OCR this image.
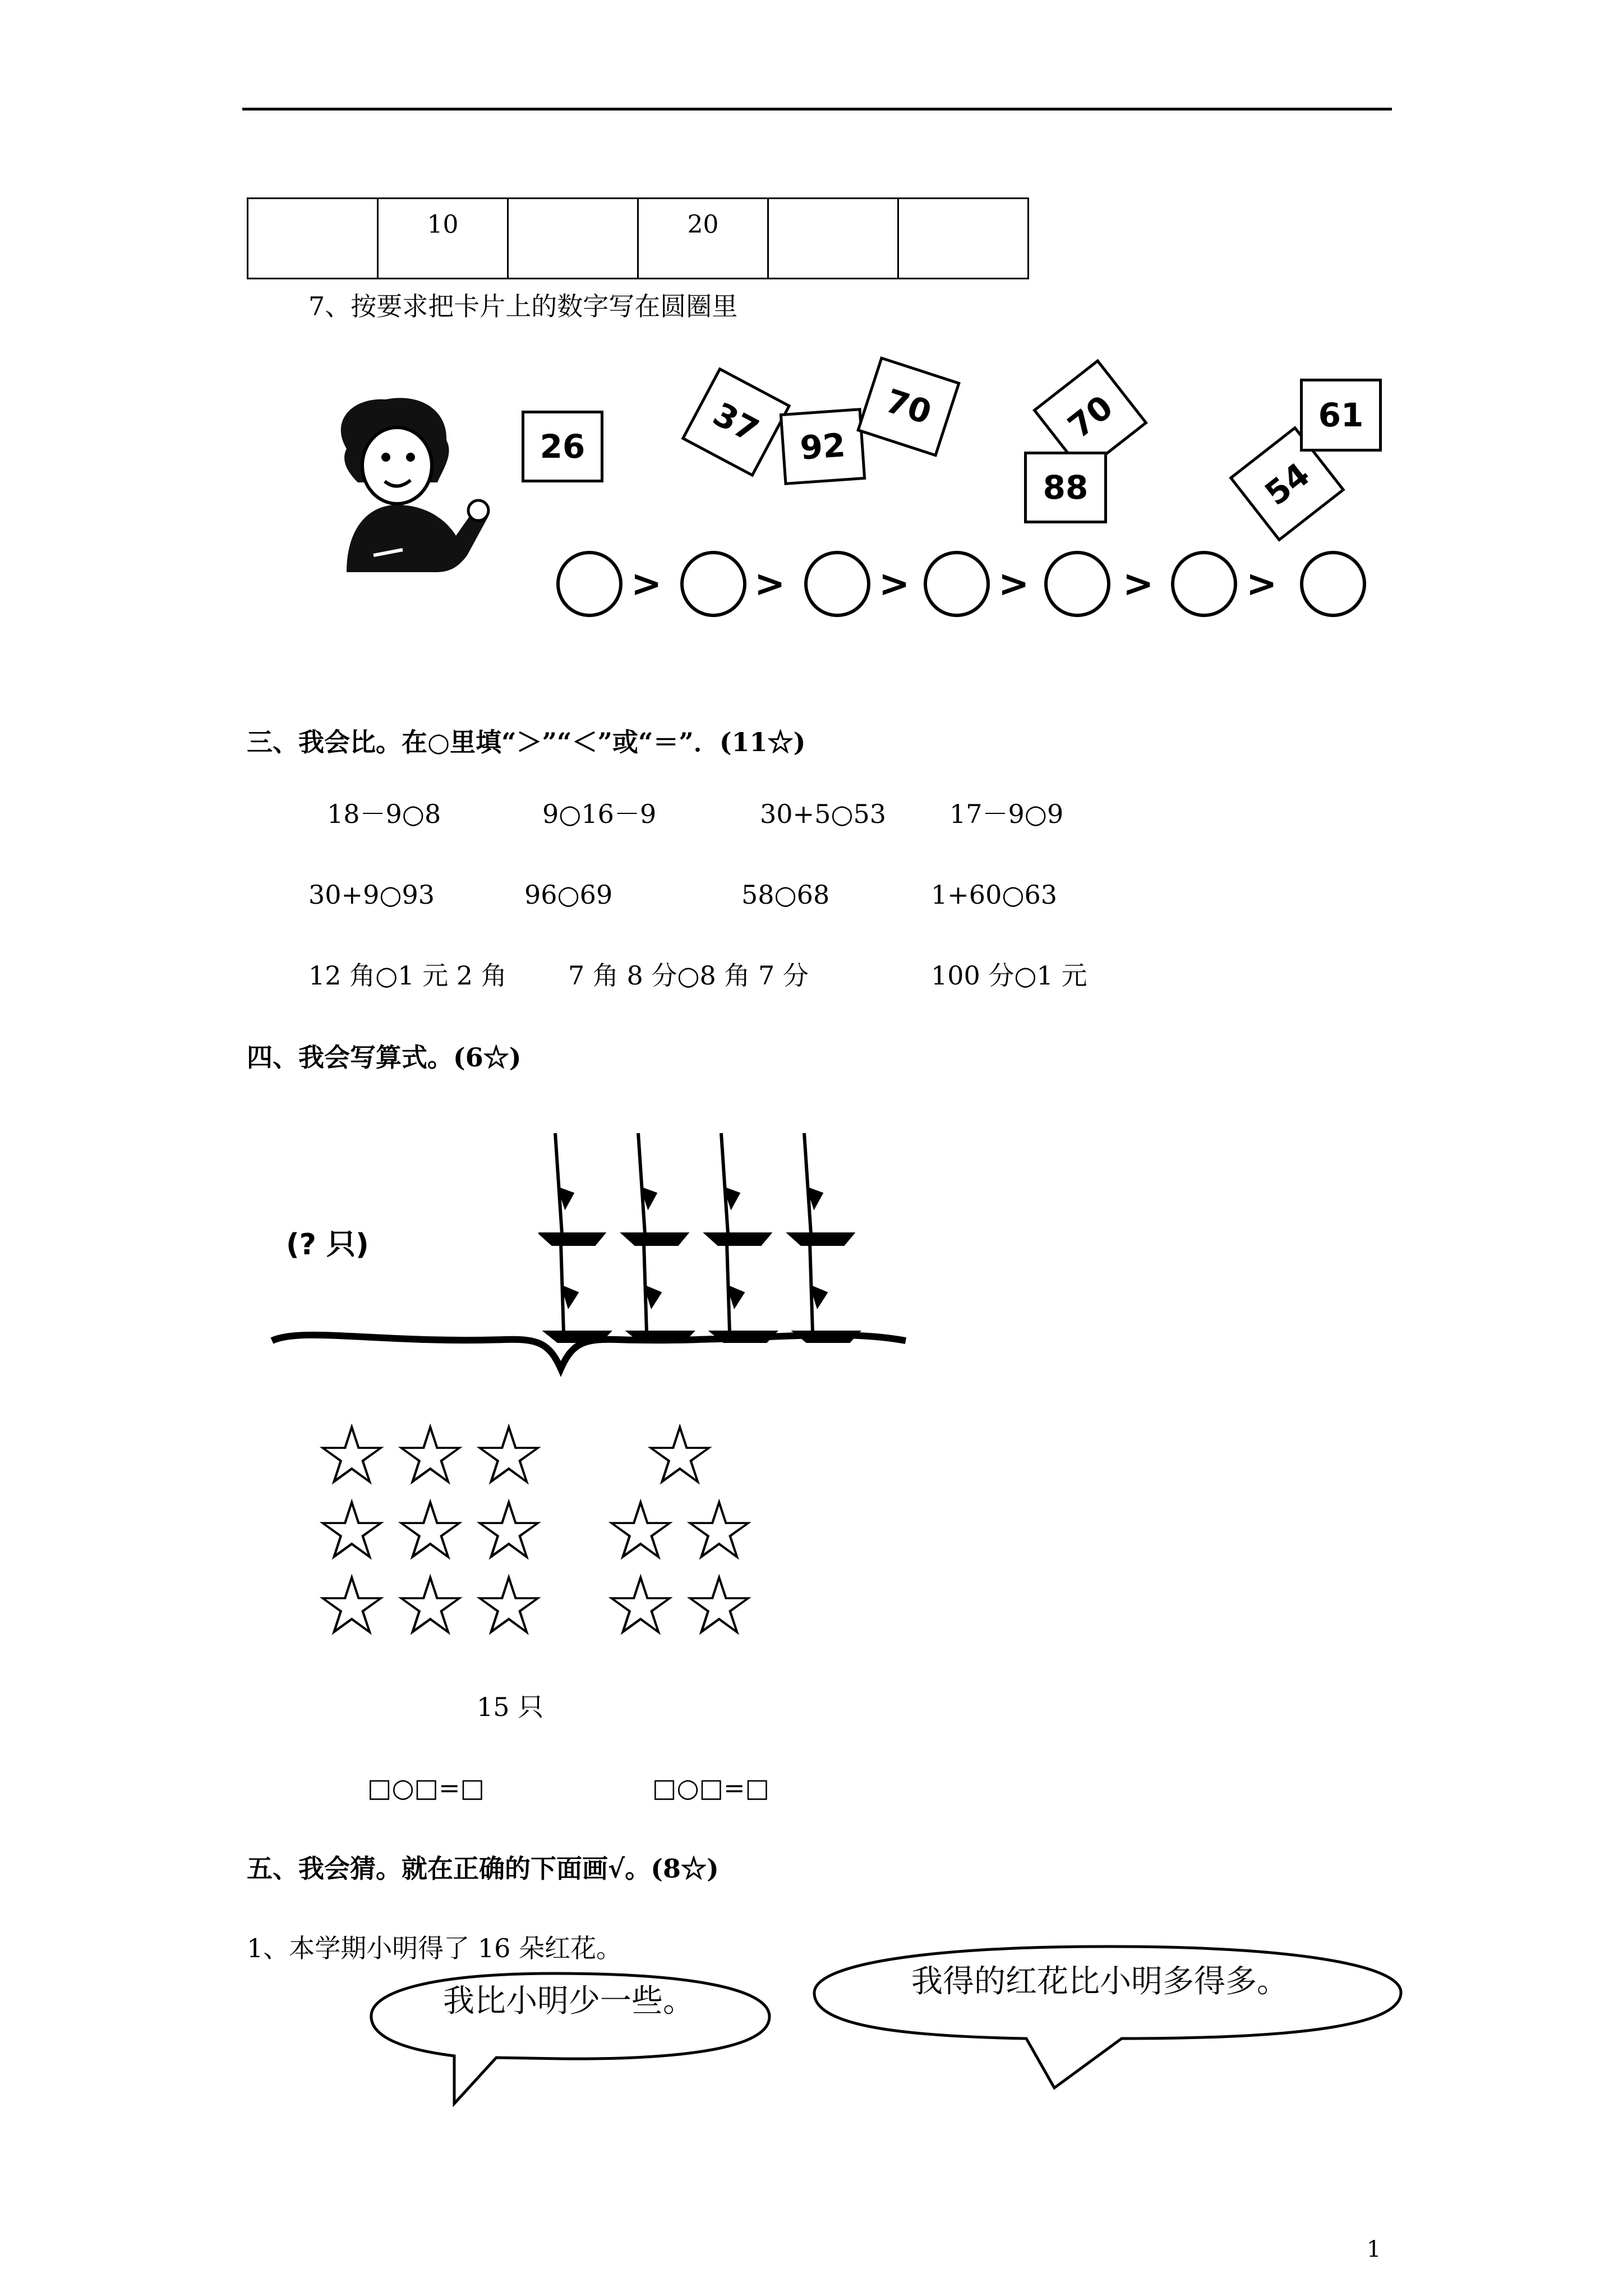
	10		20		
7、按要求把卡片上的数字写在圆圈里
26	37	92
70	70
88	54
61
> >	> >	> >
三、我会比。在○里填“＞”“＜”或“＝”．(11☆)
18－9○8	9○16－9	30+5○53 17－9○9
30+9○93	96○69	58○68	1+60○63
12 角○1 元 2 角 7 角 8 分○8 角 7 分	100 分○1 元
四、我会写算式。(6☆)
(? 只)
☆ ☆ ☆
☆ ☆ ☆
☆ ☆ ☆
☆
☆ ☆
☆ ☆
15 只
□○□=□	□○□=□
五、我会猜。就在正确的下面画√。(8☆)
1、本学期小明得了 16 朵红花。
我比小明少一些。
我得的红花比小明多得多。
1
